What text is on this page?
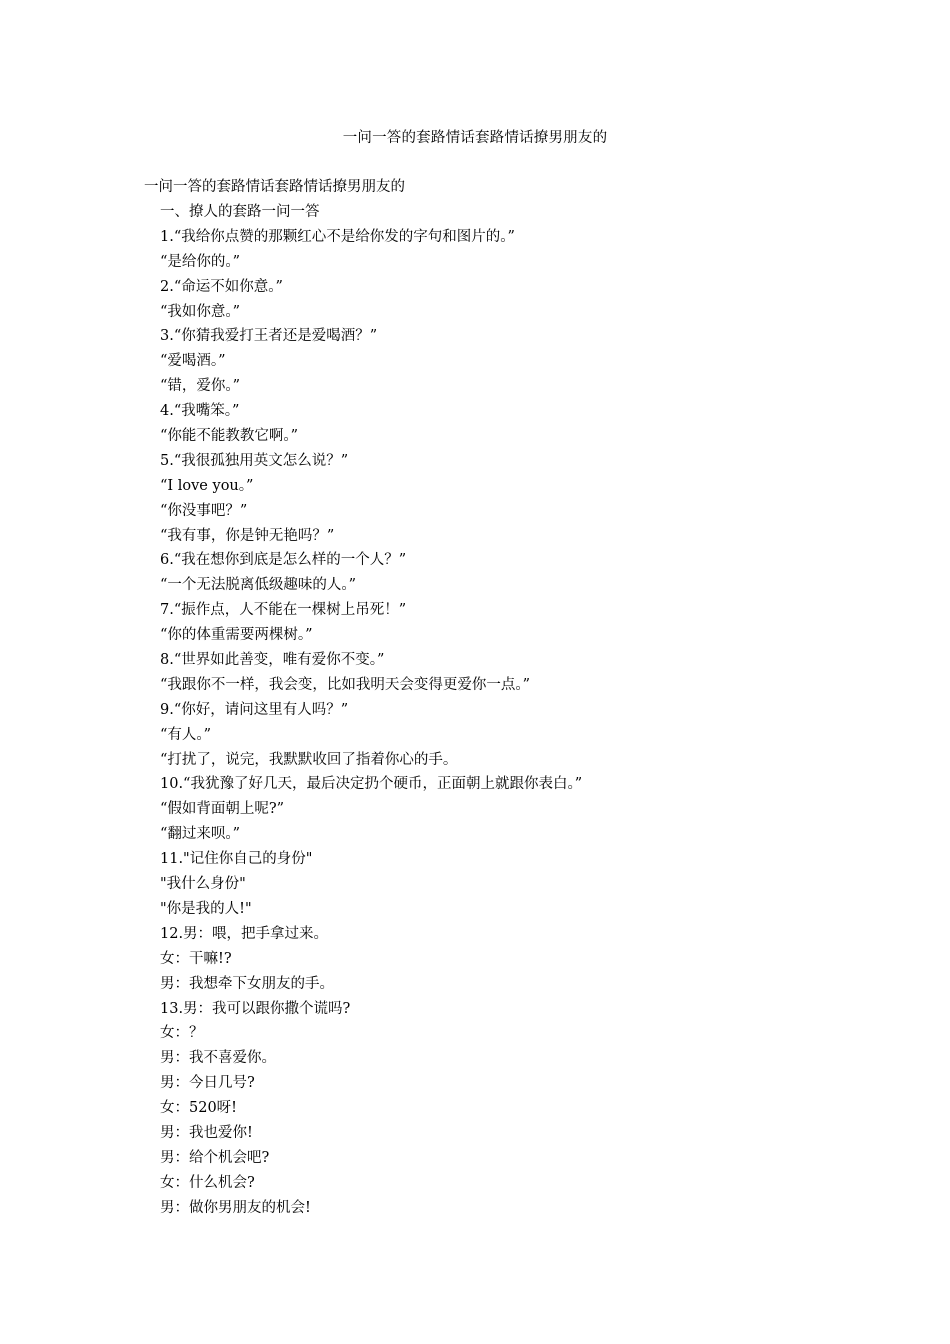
一问一答的套路情话套路情话撩男朋友的
一问一答的套路情话套路情话撩男朋友的
一、撩人的套路一问一答
1.“我给你点赞的那颗红心不是给你发的字句和图片的。”
“是给你的。”
2.“命运不如你意。”
“我如你意。”
3.“你猜我爱打王者还是爱喝酒？”
“爱喝酒。”
“错，爱你。”
4.“我嘴笨。”
“你能不能教教它啊。”
5.“我很孤独用英文怎么说？”
“I love you。”
“你没事吧？”
“我有事，你是钟无艳吗？”
6.“我在想你到底是怎么样的一个人？”
“一个无法脱离低级趣味的人。”
7.“振作点，人不能在一棵树上吊死！”
“你的体重需要两棵树。”
8.“世界如此善变，唯有爱你不变。”
“我跟你不一样，我会变，比如我明天会变得更爱你一点。”
9.“你好，请问这里有人吗？”
“有人。”
“打扰了，说完，我默默收回了指着你心的手。
10.“我犹豫了好几天，最后决定扔个硬币，正面朝上就跟你表白。”
“假如背面朝上呢?”
“翻过来呗。”
11."记住你自己的身份"
"我什么身份"
"你是我的人!"
12.男：喂，把手拿过来。
女：干嘛!?
男：我想牵下女朋友的手。
13.男：我可以跟你撒个谎吗?
女：？
男：我不喜爱你。
男：今日几号?
女：520呀!
男：我也爱你!
男：给个机会吧?
女：什么机会?
男：做你男朋友的机会!
